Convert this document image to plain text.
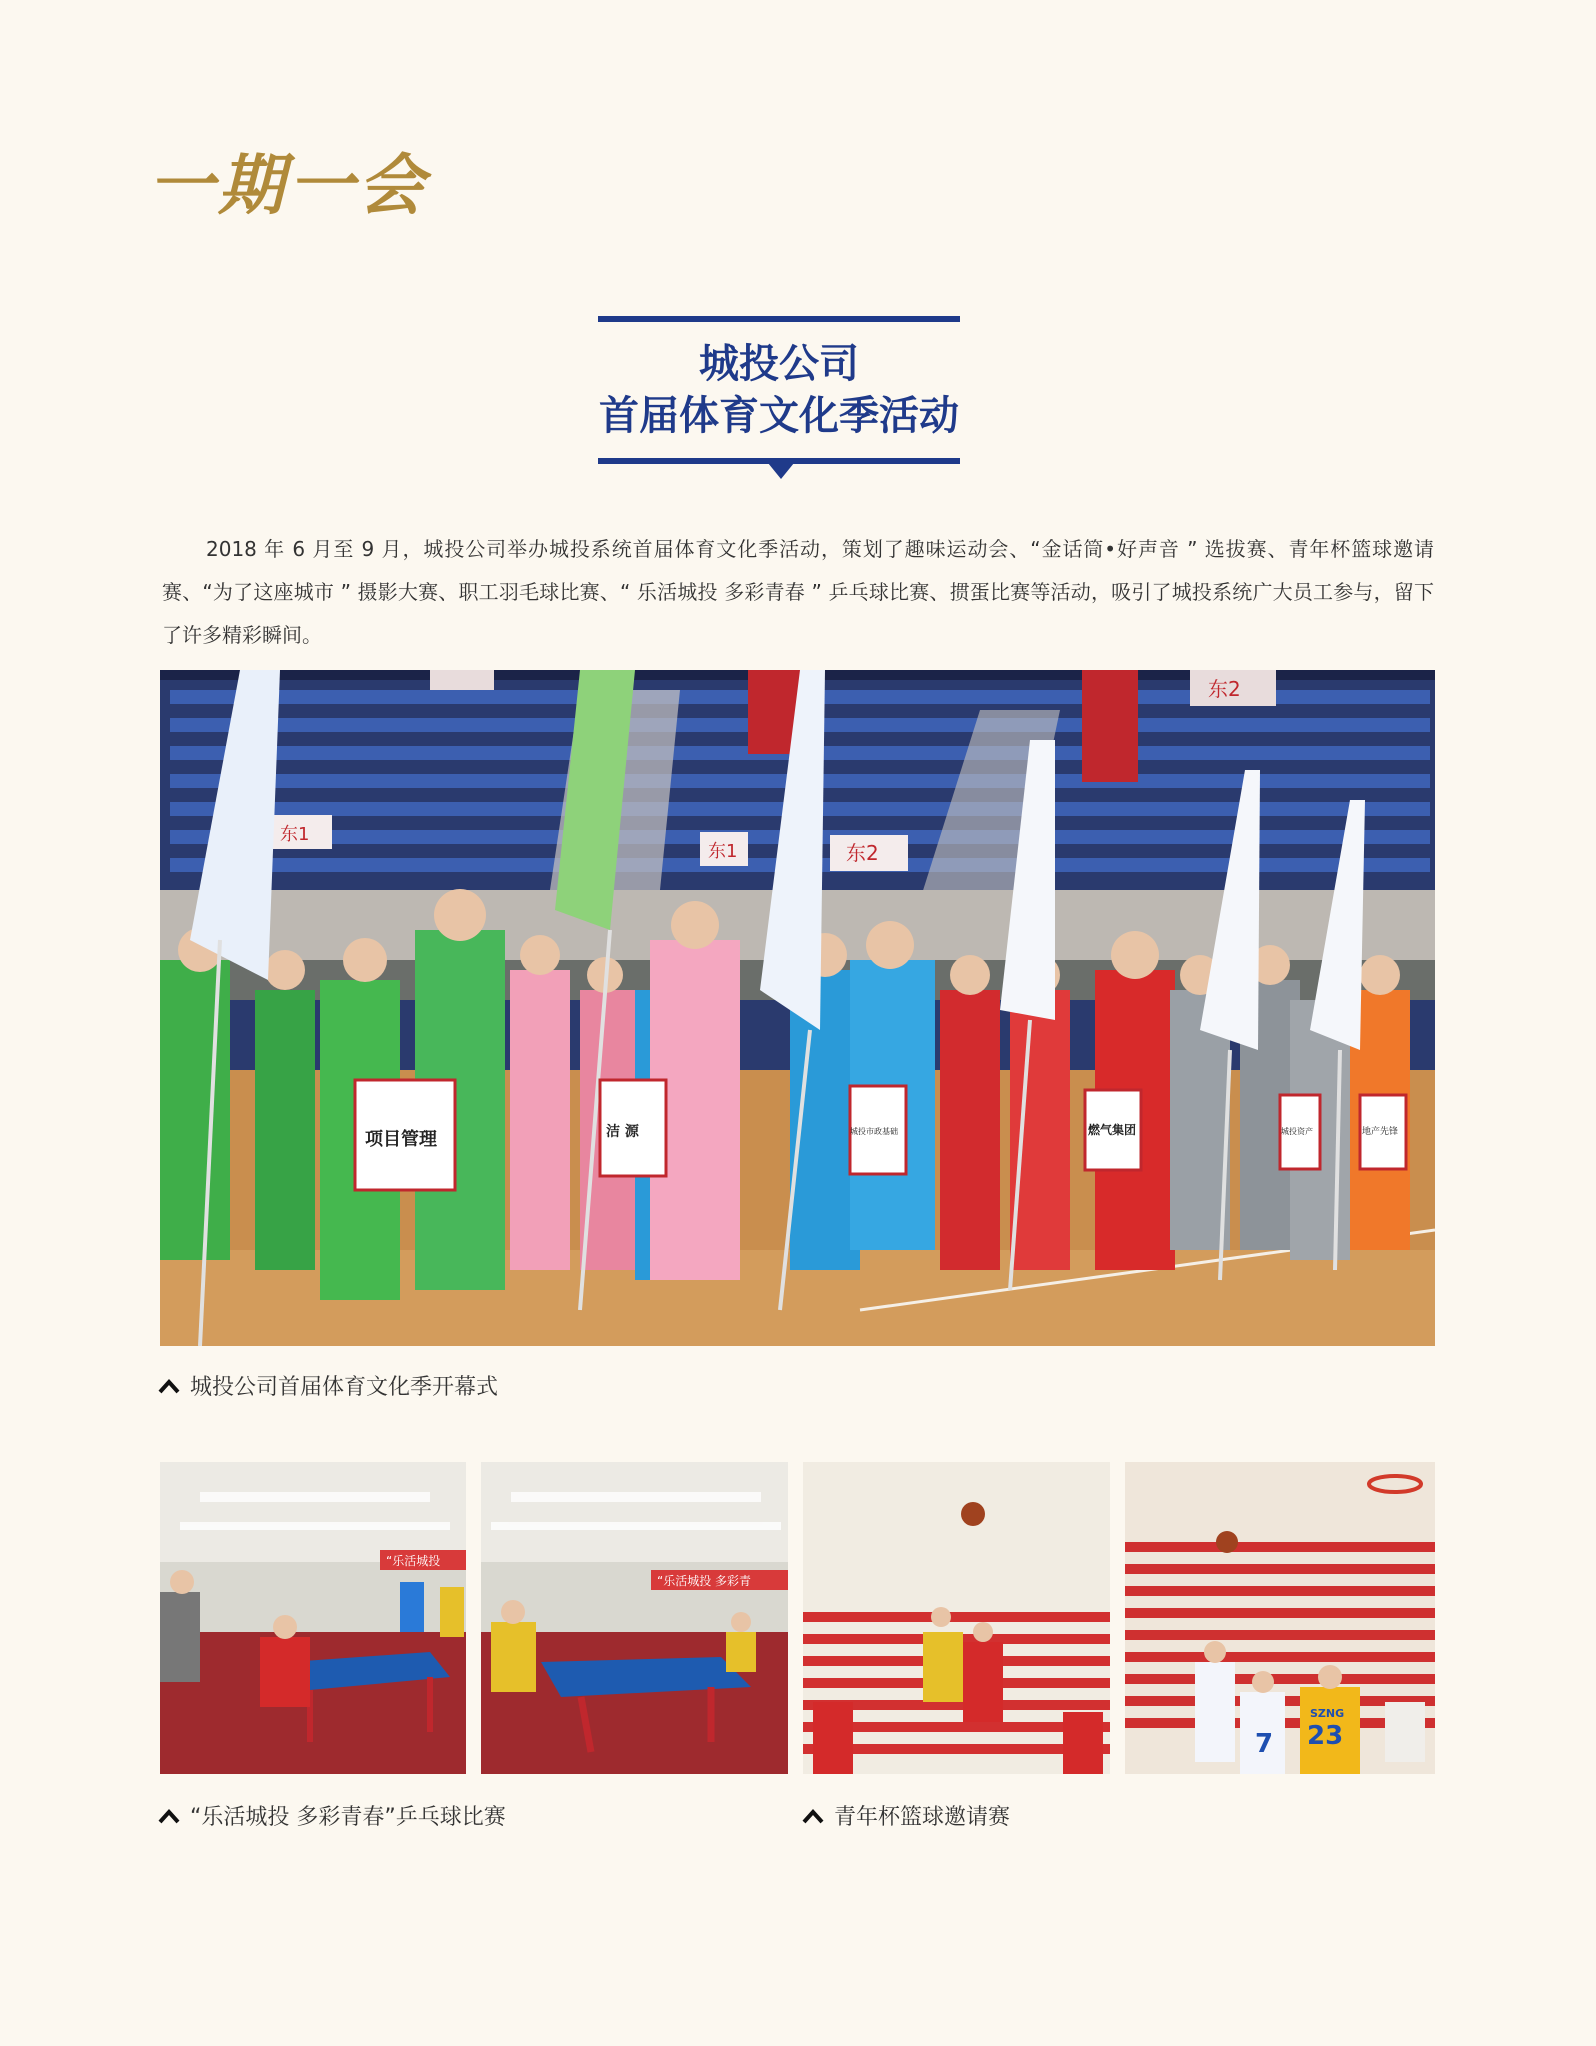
一期一会
城投公司
首届体育文化季活动
2018 年 6 月至 9 月，城投公司举办城投系统首届体育文化季活动，策划了趣味运动会、“金话筒•好声音 ” 选拔赛、青年杯篮球邀请赛、“为了这座城市 ” 摄影大赛、职工羽毛球比赛、“ 乐活城投 多彩青春 ” 乒乓球比赛、掼蛋比赛等活动，吸引了城投系统广大员工参与，留下了许多精彩瞬间。
东1
东1	东2
东2
项目管理	洁 源	城投市政基础	燃气集团	城投资产	地产先锋
城投公司首届体育文化季开幕式
“乐活城投
“乐活城投 多彩青
7 23
SZNG
“乐活城投 多彩青春”乒乓球比赛	青年杯篮球邀请赛
